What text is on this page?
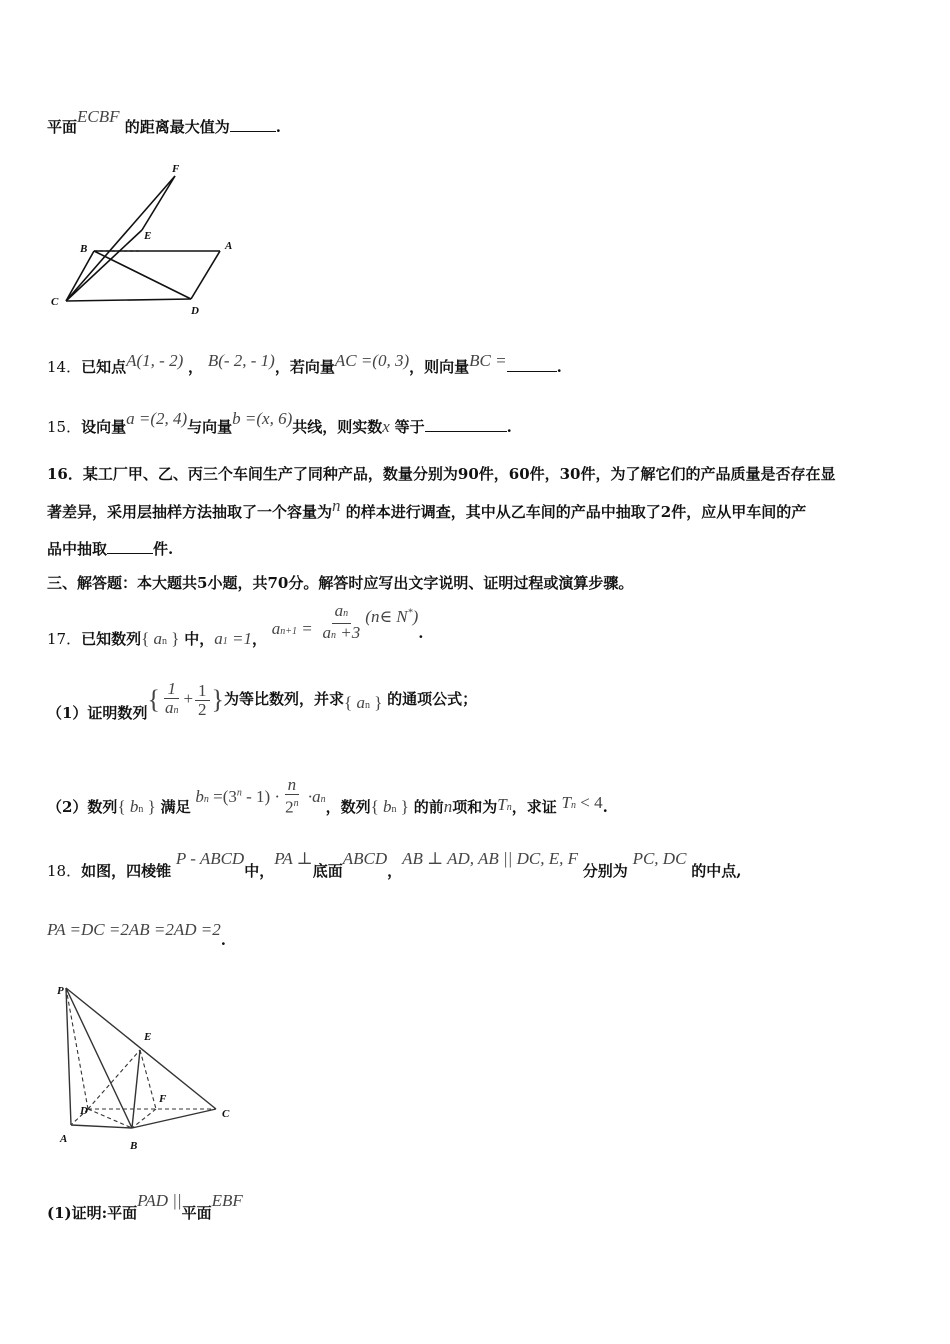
平面ECBF 的距离最大值为	.
F
E
B	A
C
D
14．已知点A(1, - 2) ， B(- 2, - 1)，若向量AC =(0, 3)，则向量BC =	.
15．设向量a =(2, 4)与向量b =(x, 6)共线，则实数x 等于	.
16．某工厂甲、乙、丙三个车间生产了同种产品，数量分别为90件，60件，30件，为了解它们的产品质量是否存在显
著差异，采用层抽样方法抽取了一个容量为n 的样本进行调查，其中从乙车间的产品中抽取了2件，应从甲车间的产
品中抽取	件.
三、解答题：本大题共5小题，共70分。解答时应写出文字说明、证明过程或演算步骤。
17．已知数列{ an } 中，a1 =1， $an+1 = \frac{an}{an +3}$ (n∈ N*).
（1）证明数列{ $\frac{1}{an} + \frac{1}{2}$ }为等比数列，并求{ an } 的通项公式；
（2）数列{ bn } 满足 bn $=(3^n - 1) \cdot \frac{n}{2^n} \cdot an$，数列{ bn } 的前n项和为Tn，求证 Tn < 4.
18．如图，四棱锥 P - ABCD中，PA ⊥底面ABCD，AB ⊥ AD, AB || DC, E, F 分别为 PC, DC 的中点,
PA =DC =2AB =2AD =2.
P
E
D
F
C
A
B
(1)证明:平面PAD ||平面EBF
